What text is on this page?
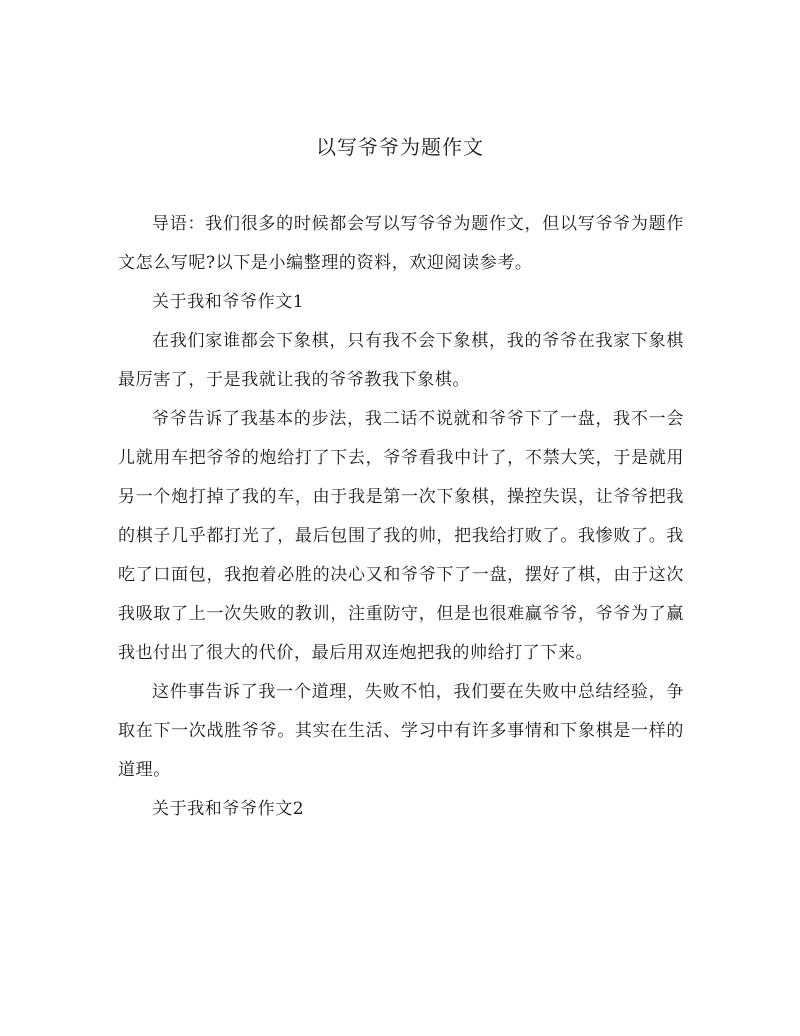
以写爷爷为题作文

导语：我们很多的时候都会写以写爷爷为题作文，但以写爷爷为题作文怎么写呢?以下是小编整理的资料，欢迎阅读参考。

关于我和爷爷作文1

在我们家谁都会下象棋，只有我不会下象棋，我的爷爷在我家下象棋最厉害了，于是我就让我的爷爷教我下象棋。

爷爷告诉了我基本的步法，我二话不说就和爷爷下了一盘，我不一会儿就用车把爷爷的炮给打了下去，爷爷看我中计了，不禁大笑，于是就用另一个炮打掉了我的车，由于我是第一次下象棋，操控失误，让爷爷把我的棋子几乎都打光了，最后包围了我的帅，把我给打败了。我惨败了。我吃了口面包，我抱着必胜的决心又和爷爷下了一盘，摆好了棋，由于这次我吸取了上一次失败的教训，注重防守，但是也很难赢爷爷，爷爷为了赢我也付出了很大的代价，最后用双连炮把我的帅给打了下来。

这件事告诉了我一个道理，失败不怕，我们要在失败中总结经验，争取在下一次战胜爷爷。其实在生活、学习中有许多事情和下象棋是一样的道理。

关于我和爷爷作文2
